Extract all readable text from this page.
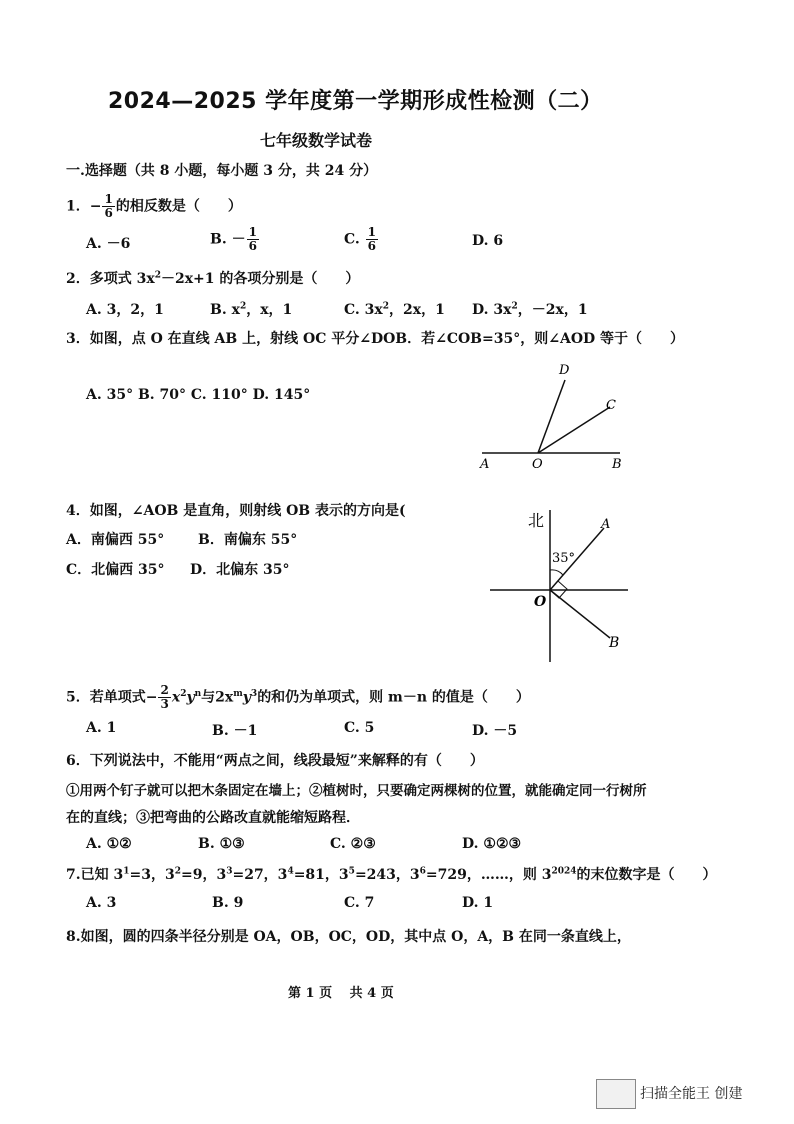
2024—2025 学年度第一学期形成性检测（二）
七年级数学试卷
一.选择题（共 8 小题，每小题 3 分，共 24 分）
1．− $\frac{1}{6}$ 的相反数是（　　）
A. －6	B. － $\frac{1}{6}$	C. $\frac{1}{6}$	D. 6
2．多项式 $3x^2-2x+1$ 的各项分别是（　　）
A. 3，2，1	B. $x^2$，x，1	C. $3x^2$，2x，1 D. $3x^2$，－2x，1
3．如图，点 O 在直线 AB 上，射线 OC 平分∠DOB．若∠COB=35°，则∠AOD 等于（　　）
A. 35° B. 70° C. 110° D. 145°
A	O	B
C
D
4．如图，∠AOB 是直角，则射线 OB 表示的方向是(
A．南偏西 55° B．南偏东 55°
C．北偏西 35° D．北偏东 35°
北	A
35°
O
B
5．若单项式− $\frac{2}{3} x^2y^n$与$2x^my^3$的和仍为单项式，则 m－n 的值是（　　）
A. 1	B. －1	C. 5	D. －5
6．下列说法中，不能用“两点之间，线段最短”来解释的有（　　）
①用两个钉子就可以把木条固定在墙上；②植树时，只要确定两棵树的位置，就能确定同一行树所
在的直线；③把弯曲的公路改直就能缩短路程．
A. ①②	B. ①③	C. ②③	D. ①②③
7.已知 $3^1=3$，$3^2=9$，$3^3=27$，$3^4=81$，$3^5=243$，$3^6=729$，……，则 $3^{2024}$的末位数字是（　　）
A. 3	B. 9	C. 7	D. 1
8.如图，圆的四条半径分别是 OA，OB，OC，OD，其中点 O，A，B 在同一条直线上，
第 1 页　 共 4 页
扫描全能王 创建
